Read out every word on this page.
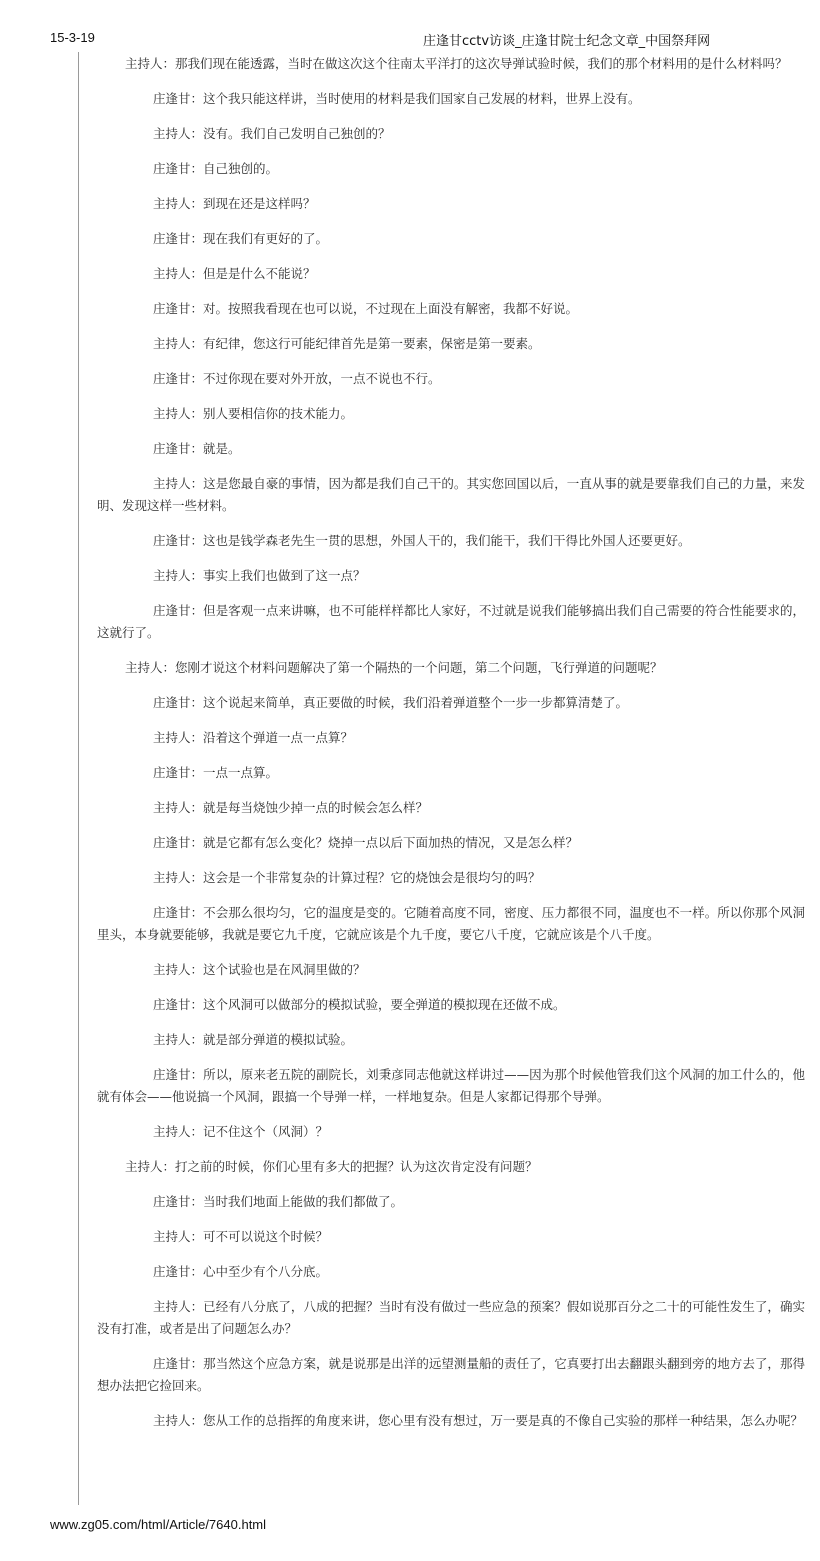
15-3-19	庄逢甘cctv访谈_庄逢甘院士纪念文章_中国祭拜网

主持人：那我们现在能透露，当时在做这次这个往南太平洋打的这次导弹试验时候，我们的那个材料用的是什么材料吗？

庄逢甘：这个我只能这样讲，当时使用的材料是我们国家自己发展的材料，世界上没有。

主持人：没有。我们自己发明自己独创的？

庄逢甘：自己独创的。

主持人：到现在还是这样吗？

庄逢甘：现在我们有更好的了。

主持人：但是是什么不能说？

庄逢甘：对。按照我看现在也可以说，不过现在上面没有解密，我都不好说。

主持人：有纪律，您这行可能纪律首先是第一要素，保密是第一要素。

庄逢甘：不过你现在要对外开放，一点不说也不行。

主持人：别人要相信你的技术能力。

庄逢甘：就是。

主持人：这是您最自豪的事情，因为都是我们自己干的。其实您回国以后，一直从事的就是要靠我们自己的力量，来发明、发现这样一些材料。

庄逢甘：这也是钱学森老先生一贯的思想，外国人干的，我们能干，我们干得比外国人还要更好。

主持人：事实上我们也做到了这一点？

庄逢甘：但是客观一点来讲嘛，也不可能样样都比人家好，不过就是说我们能够搞出我们自己需要的符合性能要求的，这就行了。

主持人：您刚才说这个材料问题解决了第一个隔热的一个问题，第二个问题，飞行弹道的问题呢？

庄逢甘：这个说起来简单，真正要做的时候，我们沿着弹道整个一步一步都算清楚了。

主持人：沿着这个弹道一点一点算？

庄逢甘：一点一点算。

主持人：就是每当烧蚀少掉一点的时候会怎么样？

庄逢甘：就是它都有怎么变化？烧掉一点以后下面加热的情况，又是怎么样？

主持人：这会是一个非常复杂的计算过程？它的烧蚀会是很均匀的吗？

庄逢甘：不会那么很均匀，它的温度是变的。它随着高度不同，密度、压力都很不同，温度也不一样。所以你那个风洞里头，本身就要能够，我就是要它九千度，它就应该是个九千度，要它八千度，它就应该是个八千度。

主持人：这个试验也是在风洞里做的？

庄逢甘：这个风洞可以做部分的模拟试验，要全弹道的模拟现在还做不成。

主持人：就是部分弹道的模拟试验。

庄逢甘：所以，原来老五院的副院长，刘秉彦同志他就这样讲过——因为那个时候他管我们这个风洞的加工什么的，他就有体会——他说搞一个风洞，跟搞一个导弹一样，一样地复杂。但是人家都记得那个导弹。

主持人：记不住这个（风洞）？

主持人：打之前的时候，你们心里有多大的把握？认为这次肯定没有问题？

庄逢甘：当时我们地面上能做的我们都做了。

主持人：可不可以说这个时候？

庄逢甘：心中至少有个八分底。

主持人：已经有八分底了，八成的把握？当时有没有做过一些应急的预案？假如说那百分之二十的可能性发生了，确实没有打准，或者是出了问题怎么办？

庄逢甘：那当然这个应急方案，就是说那是出洋的远望测量船的责任了，它真要打出去翻跟头翻到旁的地方去了，那得想办法把它捡回来。

主持人：您从工作的总指挥的角度来讲，您心里有没有想过，万一要是真的不像自己实验的那样一种结果，怎么办呢？

www.zg05.com/html/Article/7640.html
